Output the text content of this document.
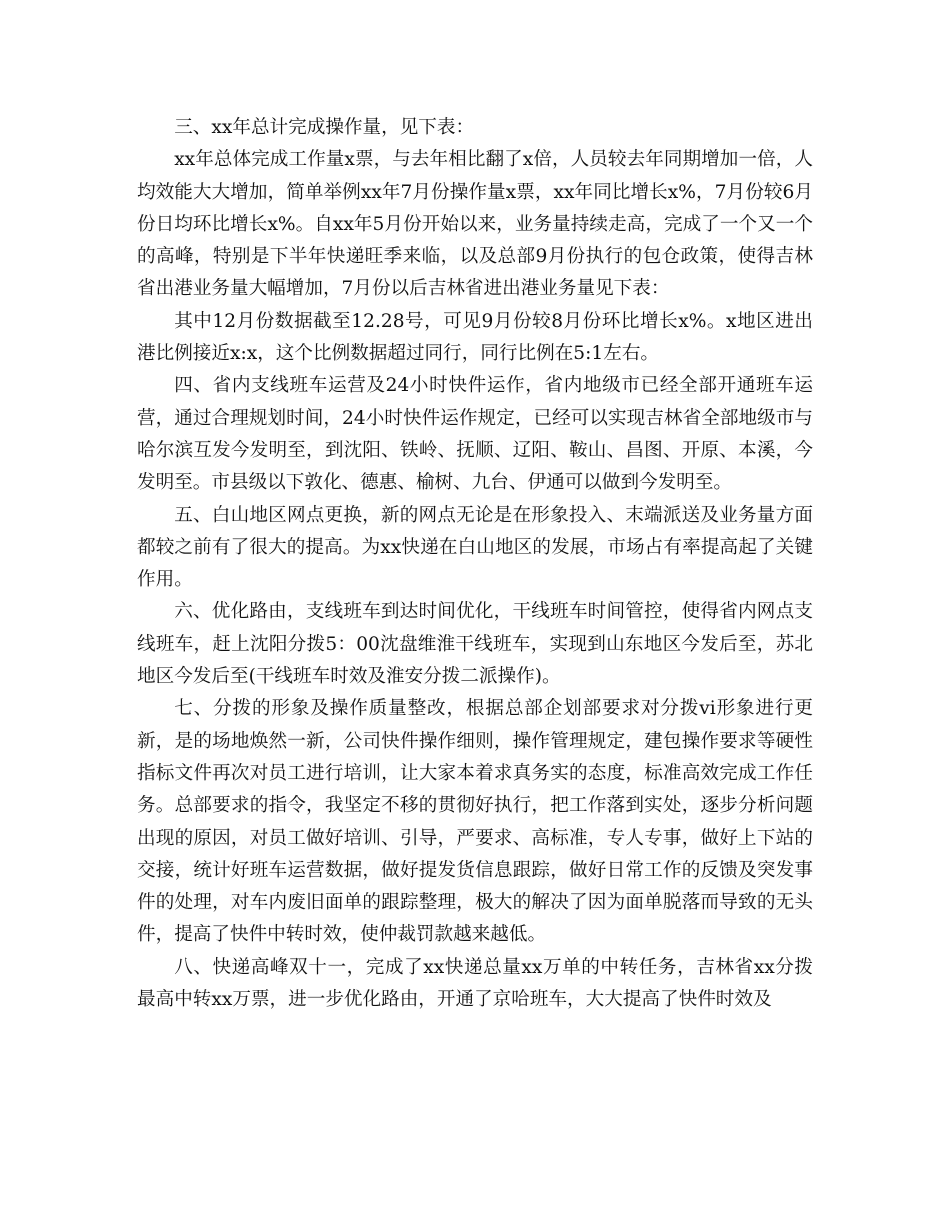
三、xx年总计完成操作量，见下表：

xx年总体完成工作量x票，与去年相比翻了x倍，人员较去年同期增加一倍，人均效能大大增加，简单举例xx年7月份操作量x票，xx年同比增长x%，7月份较6月份日均环比增长x%。自xx年5月份开始以来，业务量持续走高，完成了一个又一个的高峰，特别是下半年快递旺季来临，以及总部9月份执行的包仓政策，使得吉林省出港业务量大幅增加，7月份以后吉林省进出港业务量见下表：

其中12月份数据截至12.28号，可见9月份较8月份环比增长x%。x地区进出港比例接近x:x，这个比例数据超过同行，同行比例在5:1左右。

四、省内支线班车运营及24小时快件运作，省内地级市已经全部开通班车运营，通过合理规划时间，24小时快件运作规定，已经可以实现吉林省全部地级市与哈尔滨互发今发明至，到沈阳、铁岭、抚顺、辽阳、鞍山、昌图、开原、本溪，今发明至。市县级以下敦化、德惠、榆树、九台、伊通可以做到今发明至。

五、白山地区网点更换，新的网点无论是在形象投入、末端派送及业务量方面都较之前有了很大的提高。为xx快递在白山地区的发展，市场占有率提高起了关键作用。

六、优化路由，支线班车到达时间优化，干线班车时间管控，使得省内网点支线班车，赶上沈阳分拨5：00沈盘维淮干线班车，实现到山东地区今发后至，苏北地区今发后至(干线班车时效及淮安分拨二派操作)。

七、分拨的形象及操作质量整改，根据总部企划部要求对分拨vi形象进行更新，是的场地焕然一新，公司快件操作细则，操作管理规定，建包操作要求等硬性指标文件再次对员工进行培训，让大家本着求真务实的态度，标准高效完成工作任务。总部要求的指令，我坚定不移的贯彻好执行，把工作落到实处，逐步分析问题出现的原因，对员工做好培训、引导，严要求、高标准，专人专事，做好上下站的交接，统计好班车运营数据，做好提发货信息跟踪，做好日常工作的反馈及突发事件的处理，对车内废旧面单的跟踪整理，极大的解决了因为面单脱落而导致的无头件，提高了快件中转时效，使仲裁罚款越来越低。

八、快递高峰双十一，完成了xx快递总量xx万单的中转任务，吉林省xx分拨最高中转xx万票，进一步优化路由，开通了京哈班车，大大提高了快件时效及
